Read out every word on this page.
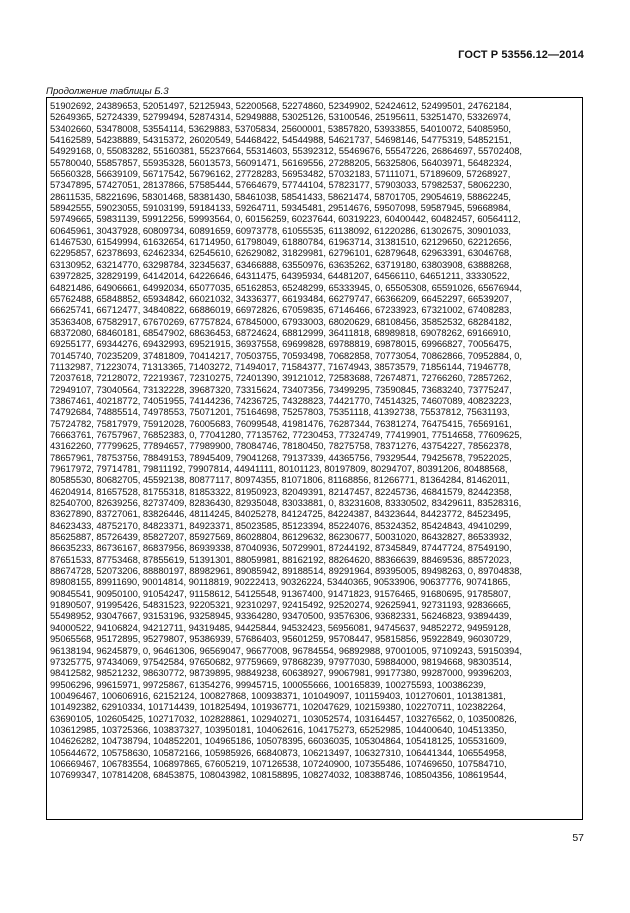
ГОСТ Р 53556.12—2014
Продолжение таблицы Б.3
51902692, 24389653, 52051497, 52125943, 52200568, 52274860, 52349902, 52424612, 52499501, 24762184,
52649365, 52724339, 52799494, 52874314, 52949888, 53025126, 53100546, 25195611, 53251470, 53326974,
53402660, 53478008, 53554114, 53629883, 53705834, 25600001, 53857820, 53933855, 54010072, 54085950,
54162589, 54238889, 54315372, 26020549, 54468422, 54544988, 54621737, 54698146, 54775319, 54852151,
54929168, 0, 55083282, 55160381, 55237664, 55314603, 55392312, 55469676, 55547226, 26864697, 55702408,
55780040, 55857857, 55935328, 56013573, 56091471, 56169556, 27288205, 56325806, 56403971, 56482324,
56560328, 56639109, 56717542, 56796162, 27728283, 56953482, 57032183, 57111071, 57189609, 57268927,
57347895, 57427051, 28137866, 57585444, 57664679, 57744104, 57823177, 57903033, 57982537, 58062230,
28611535, 58221696, 58301468, 58381430, 58461038, 58541433, 58621474, 58701705, 29054619, 58862245,
58942555, 59023055, 59103199, 59184133, 59264711, 59345481, 29514676, 59507098, 59587945, 59668984,
59749665, 59831139, 59912256, 59993564, 0, 60156259, 60237644, 60319223, 60400442, 60482457, 60564112,
60645961, 30437928, 60809734, 60891659, 60973778, 61055535, 61138092, 61220286, 61302675, 30901033,
61467530, 61549994, 61632654, 61714950, 61798049, 61880784, 61963714, 31381510, 62129650, 62212656,
62295857, 62378693, 62462334, 62545610, 62629082, 31829981, 62796101, 62879648, 62963391, 63046768,
63130952, 63214770, 63298784, 32345637, 63466888, 63550976, 63635262, 63719180, 63803908, 63888268,
63972825, 32829199, 64142014, 64226646, 64311475, 64395934, 64481207, 64566110, 64651211, 33330522,
64821486, 64906661, 64992034, 65077035, 65162853, 65248299, 65333945, 0, 65505308, 65591026, 65676944,
65762488, 65848852, 65934842, 66021032, 34336377, 66193484, 66279747, 66366209, 66452297, 66539207,
66625741, 66712477, 34840822, 66886019, 66972826, 67059835, 67146466, 67233923, 67321002, 67408283,
35363408, 67582917, 67670269, 67757824, 67845000, 67933003, 68020629, 68108456, 35852532, 68284182,
68372080, 68460181, 68547902, 68636453, 68724624, 68812999, 36411818, 68989818, 69078262, 69166910,
69255177, 69344276, 69432993, 69521915, 36937558, 69699828, 69788819, 69878015, 69966827, 70056475,
70145740, 70235209, 37481809, 70414217, 70503755, 70593498, 70682858, 70773054, 70862866, 70952884, 0,
71132987, 71223074, 71313365, 71403272, 71494017, 71584377, 71674943, 38573579, 71856144, 71946778,
72037618, 72128072, 72219367, 72310275, 72401390, 39121012, 72583688, 72674871, 72766260, 72857262,
72949107, 73040564, 73132228, 39687320, 73315624, 73407356, 73499295, 73590845, 73683240, 73775247,
73867461, 40218772, 74051955, 74144236, 74236725, 74328823, 74421770, 74514325, 74607089, 40823223,
74792684, 74885514, 74978553, 75071201, 75164698, 75257803, 75351118, 41392738, 75537812, 75631193,
75724782, 75817979, 75912028, 76005683, 76099548, 41981476, 76287344, 76381274, 76475415, 76569161,
76663761, 76757967, 76852383, 0, 77041280, 77135762, 77230453, 77324749, 77419901, 77514658, 77609625,
43162260, 77799625, 77894657, 77989900, 78084746, 78180450, 78275758, 78371276, 43754227, 78562378,
78657961, 78753756, 78849153, 78945409, 79041268, 79137339, 44365756, 79329544, 79425678, 79522025,
79617972, 79714781, 79811192, 79907814, 44941111, 80101123, 80197809, 80294707, 80391206, 80488568,
80585530, 80682705, 45592138, 80877117, 80974355, 81071806, 81168856, 81266771, 81364284, 81462011,
46204914, 81657528, 81755318, 81853322, 81950923, 82049391, 82147457, 82245736, 46841579, 82442358,
82540700, 82639256, 82737409, 82836430, 82935048, 83033881, 0, 83231608, 83330502, 83429611, 83528316,
83627890, 83727061, 83826446, 48114245, 84025278, 84124725, 84224387, 84323644, 84423772, 84523495,
84623433, 48752170, 84823371, 84923371, 85023585, 85123394, 85224076, 85324352, 85424843, 49410299,
85625887, 85726439, 85827207, 85927569, 86028804, 86129632, 86230677, 50031020, 86432827, 86533932,
86635233, 86736167, 86837956, 86939338, 87040936, 50729901, 87244192, 87345849, 87447724, 87549190,
87651533, 87753468, 87855619, 51391301, 88059981, 88162192, 88264620, 88366639, 88469536, 88572023,
88674728, 52073206, 88880197, 88982961, 89085942, 89188514, 89291964, 89395005, 89498263, 0, 89704838,
89808155, 89911690, 90014814, 90118819, 90222413, 90326224, 53440365, 90533906, 90637776, 90741865,
90845541, 90950100, 91054247, 91158612, 54125548, 91367400, 91471823, 91576465, 91680695, 91785807,
91890507, 91995426, 54831523, 92205321, 92310297, 92415492, 92520274, 92625941, 92731193, 92836665,
55498952, 93047667, 93153196, 93258945, 93364280, 93470500, 93576306, 93682331, 56246823, 93894439,
94000522, 94106824, 94212711, 94319485, 94425844, 94532423, 56956081, 94745637, 94852272, 94959128,
95065568, 95172895, 95279807, 95386939, 57686403, 95601259, 95708447, 95815856, 95922849, 96030729,
96138194, 96245879, 0, 96461306, 96569047, 96677008, 96784554, 96892988, 97001005, 97109243, 59150394,
97325775, 97434069, 97542584, 97650682, 97759669, 97868239, 97977030, 59884000, 98194668, 98303514,
98412582, 98521232, 98630772, 98739895, 98849238, 60638927, 99067981, 99177380, 99287000, 99396203,
99506296, 99615971, 99725867, 61354276, 99945715, 100055666, 100165839, 100275593, 100386239,
100496467, 100606916, 62152124, 100827868, 100938371, 101049097, 101159403, 101270601, 101381381,
101492382, 62910334, 101714439, 101825494, 101936771, 102047629, 102159380, 102270711, 102382264,
63690105, 102605425, 102717032, 102828861, 102940271, 103052574, 103164457, 103276562, 0, 103500826,
103612985, 103725366, 103837327, 103950181, 104062616, 104175273, 65252985, 104400640, 104513350,
104626282, 104738794, 104852201, 104965186, 105078395, 66036035, 105304864, 105418125, 105531609,
105644672, 105758630, 105872166, 105985926, 66840873, 106213497, 106327310, 106441344, 106554958,
106669467, 106783554, 106897865, 67605219, 107126538, 107240900, 107355486, 107469650, 107584710,
107699347, 107814208, 68453875, 108043982, 108158895, 108274032, 108388746, 108504356, 108619544,
57
